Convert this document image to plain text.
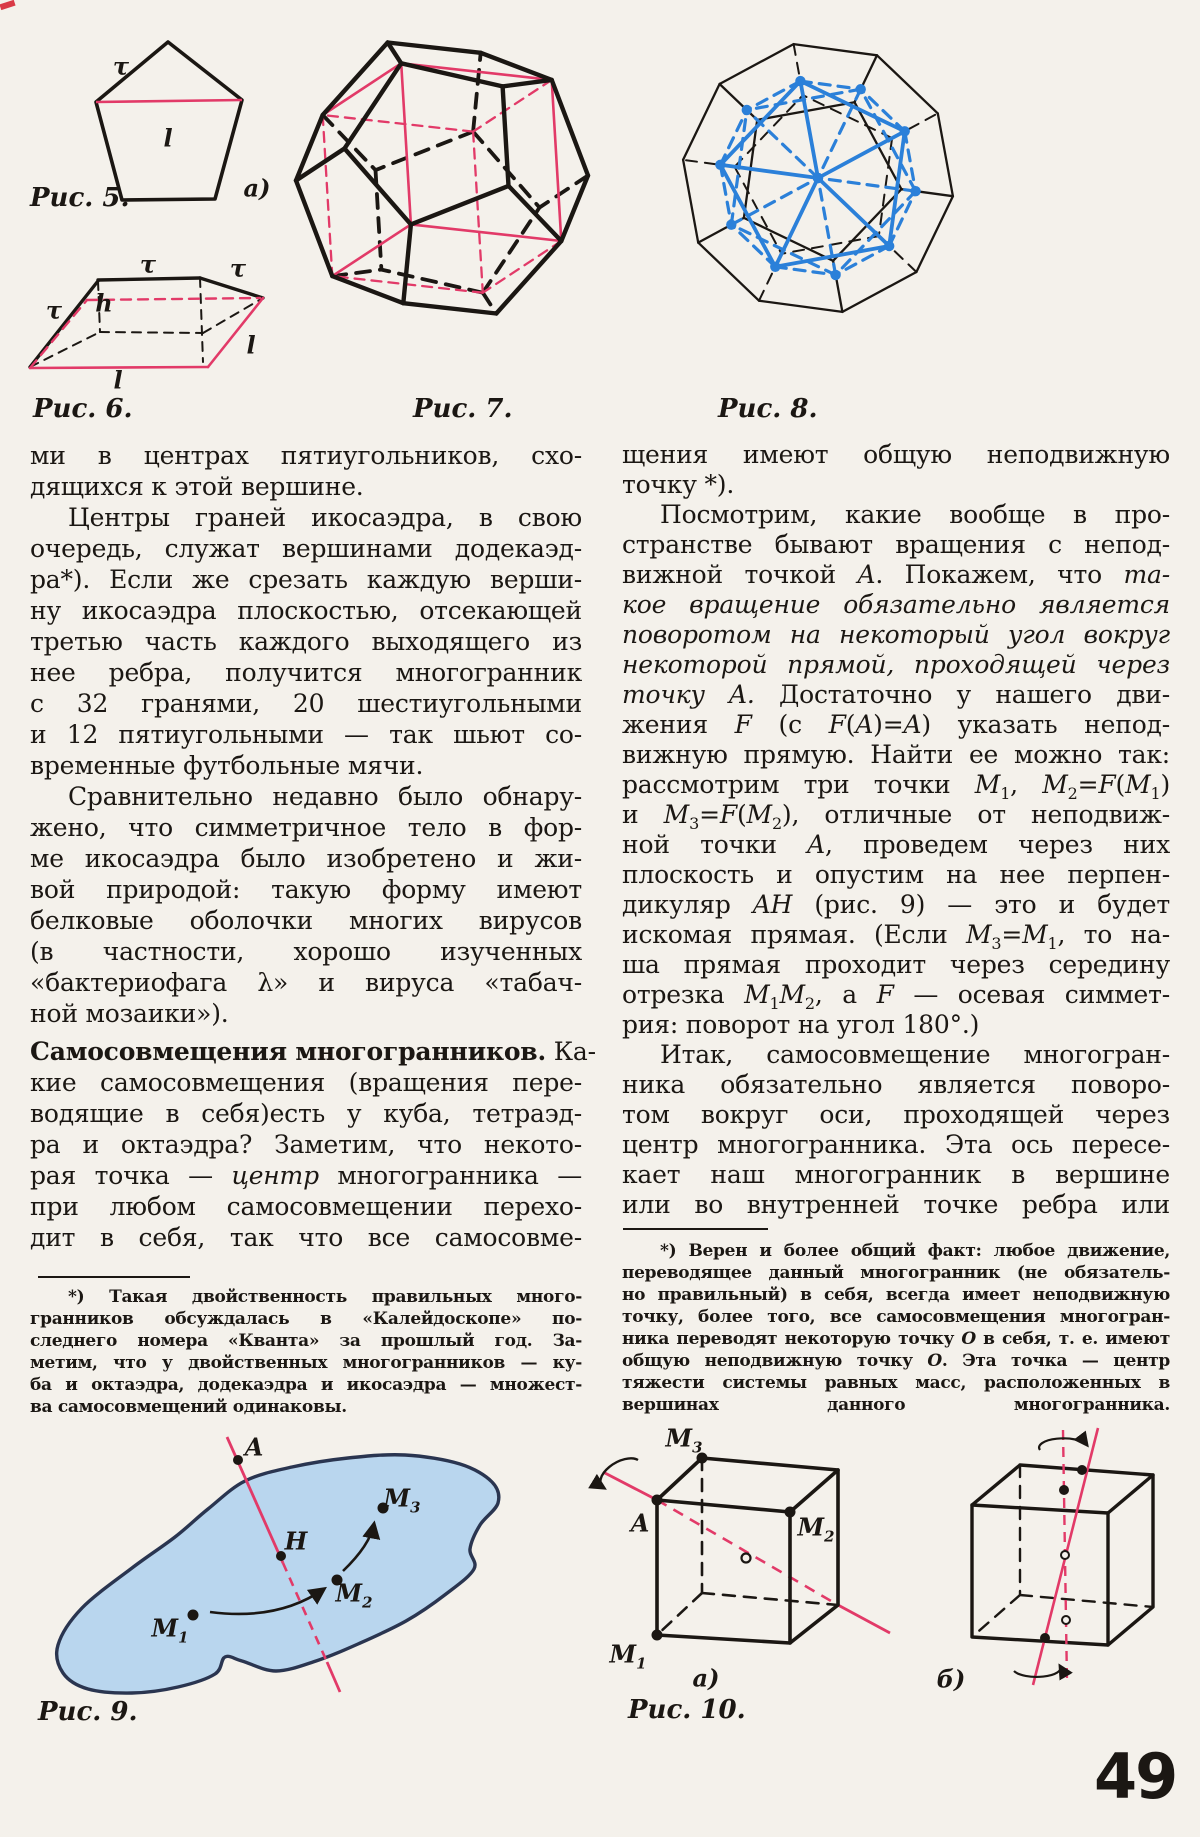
Рис. 5.
Рис. 6.	Рис. 7.	Рис. 8.
ми в центрах пятиугольников, схо-
дящихся к этой вершине.
Центры граней икосаэдра, в свою
очередь, служат вершинами додекаэд-
ра*). Если же срезать каждую верши-
ну икосаэдра плоскостью, отсекающей
третью часть каждого выходящего из
нее ребра, получится многогранник
с 32 гранями, 20 шестиугольными
и 12 пятиугольными — так шьют со-
временные футбольные мячи.
Сравнительно недавно было обнару-
жено, что симметричное тело в фор-
ме икосаэдра было изобретено и жи-
вой природой: такую форму имеют
белковые оболочки многих вирусов
(в частности, хорошо изученных
«бактериофага λ» и вируса «табач-
ной мозаики»).
Самосовмещения многогранников. Ка-
кие самосовмещения (вращения пере-
водящие в себя)есть у куба, тетраэд-
ра и октаэдра? Заметим, что некото-
рая точка — центр многогранника —
при любом самосовмещении перехо-
дит в себя, так что все самосовме-
*) Такая двойственность правильных много-
гранников обсуждалась в «Калейдоскопе» по-
следнего номера «Кванта» за прошлый год. За-
метим, что у двойственных многогранников — ку-
ба и октаэдра, додекаэдра и икосаэдра — множест-
ва самосовмещений одинаковы.
щения имеют общую неподвижную
точку *).
Посмотрим, какие вообще в про-
странстве бывают вращения с непод-
вижной точкой A. Покажем, что та-
кое вращение обязательно является
поворотом на некоторый угол вокруг
некоторой прямой, проходящей через
точку A. Достаточно у нашего дви-
жения F (с F(A)=A) указать непод-
вижную прямую. Найти ее можно так:
рассмотрим три точки $M_1$, $M_2=F(M_1)$
и $M_3=F(M_2)$, отличные от неподвиж-
ной точки A, проведем через них
плоскость и опустим на нее перпен-
дикуляр AH (рис. 9) — это и будет
искомая прямая. (Если $M_3=M_1$, то на-
ша прямая проходит через середину
отрезка $M_1M_2$, а F — осевая симмет-
рия: поворот на угол 180°.)
Итак, самосовмещение многогран-
ника обязательно является поворо-
том вокруг оси, проходящей через
центр многогранника. Эта ось пересе-
кает наш многогранник в вершине
или во внутренней точке ребра или
*) Верен и более общий факт: любое движение,
переводящее данный многогранник (не обязатель-
но правильный) в себя, всегда имеет неподвижную
точку, более того, все самосовмещения многогран-
ника переводят некоторую точку O в себя, т. е. имеют
общую неподвижную точку O. Эта точка — центр
тяжести системы равных масс, расположенных в
вершинах данного многогранника.
Рис. 9.	Рис. 10.
49
τ
l
а)
τ
τ
τ
h
l
l
A
H
$M_1$
$M_2$
$M_3$
$M_3$
$M_2$
A
$M_1$
а)	б)
